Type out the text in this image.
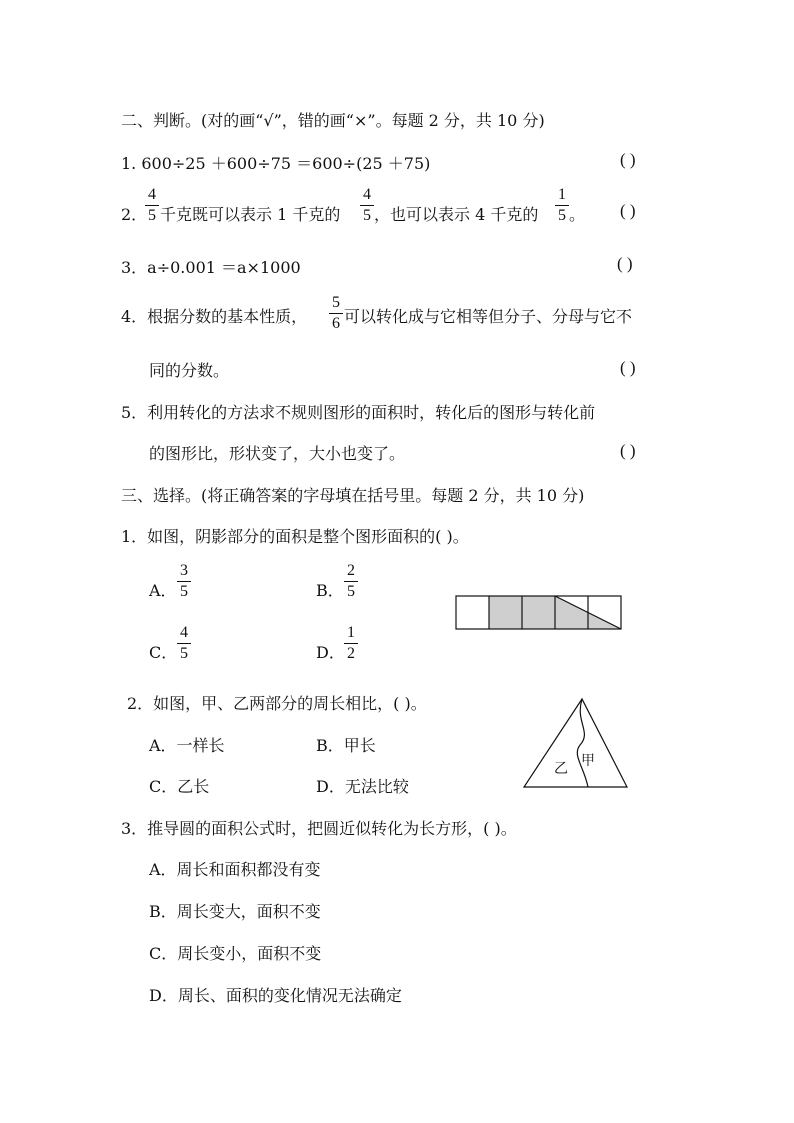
二、判断。(对的画“√”，错的画“×”。每题 2 分，共 10 分)
1. 600÷25 ＋600÷75 ＝600÷(25 ＋75)	( )
2．
4
5 千克既可以表示 1 千克的
4
5 ，也可以表示 4 千克的
1
5 。 ( )
3．a÷0.001 ＝a×1000	( )
4．根据分数的基本性质，
5
6 可以转化成与它相等但分子、分母与它不
同的分数。	( )
5．利用转化的方法求不规则图形的面积时，转化后的图形与转化前
的图形比，形状变了，大小也变了。	( )
三、选择。(将正确答案的字母填在括号里。每题 2 分，共 10 分)
1．如图，阴影部分的面积是整个图形面积的( )。
A．
3
5	B．
2
5
C．
4
5	D．
1
2
2．如图，甲、乙两部分的周长相比，( )。
A．一样长	B．甲长
C．乙长	D．无法比较
乙 甲
3．推导圆的面积公式时，把圆近似转化为长方形，( )。
A．周长和面积都没有变
B．周长变大，面积不变
C．周长变小，面积不变
D．周长、面积的变化情况无法确定
